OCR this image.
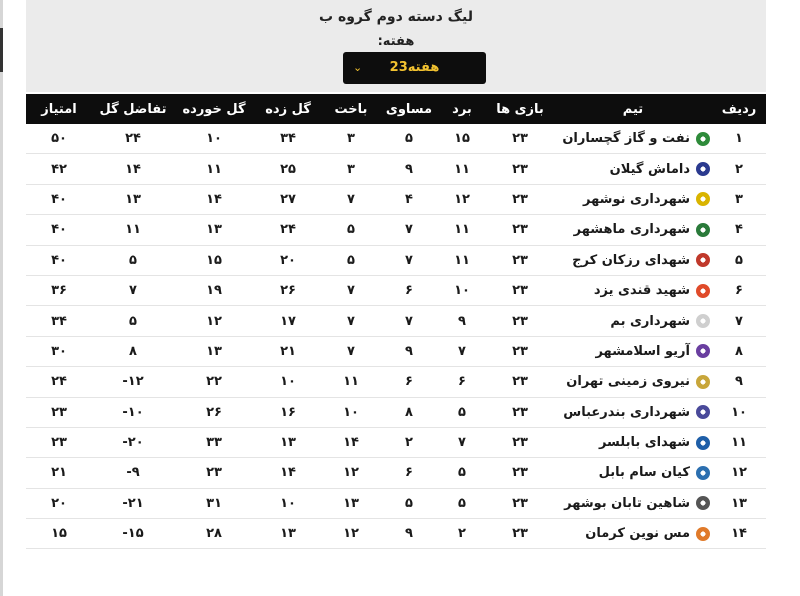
لیگ دسته دوم گروه ب
هفته:
⌄	هفته23
ردیف	تیم	بازی ها	برد	مساوی	باخت	گل زده	گل خورده	تفاضل گل	امتیاز
۱	نفت و گاز گچساران	۲۳	۱۵	۵	۳	۳۴	۱۰	۲۴	۵۰
۲	داماش گیلان	۲۳	۱۱	۹	۳	۲۵	۱۱	۱۴	۴۲
۳	شهرداری نوشهر	۲۳	۱۲	۴	۷	۲۷	۱۴	۱۳	۴۰
۴	شهرداری ماهشهر	۲۳	۱۱	۷	۵	۲۴	۱۳	۱۱	۴۰
۵	شهدای رزکان کرج	۲۳	۱۱	۷	۵	۲۰	۱۵	۵	۴۰
۶	شهید قندی یزد	۲۳	۱۰	۶	۷	۲۶	۱۹	۷	۳۶
۷	شهرداری بم	۲۳	۹	۷	۷	۱۷	۱۲	۵	۳۴
۸	آریو اسلامشهر	۲۳	۷	۹	۷	۲۱	۱۳	۸	۳۰
۹	نیروی زمینی تهران	۲۳	۶	۶	۱۱	۱۰	۲۲	۱۲-	۲۴
۱۰	شهرداری بندرعباس	۲۳	۵	۸	۱۰	۱۶	۲۶	۱۰-	۲۳
۱۱	شهدای بابلسر	۲۳	۷	۲	۱۴	۱۳	۳۳	۲۰-	۲۳
۱۲	کیان سام بابل	۲۳	۵	۶	۱۲	۱۴	۲۳	۹-	۲۱
۱۳	شاهین تابان بوشهر	۲۳	۵	۵	۱۳	۱۰	۳۱	۲۱-	۲۰
۱۴	مس نوین کرمان	۲۳	۲	۹	۱۲	۱۳	۲۸	۱۵-	۱۵
